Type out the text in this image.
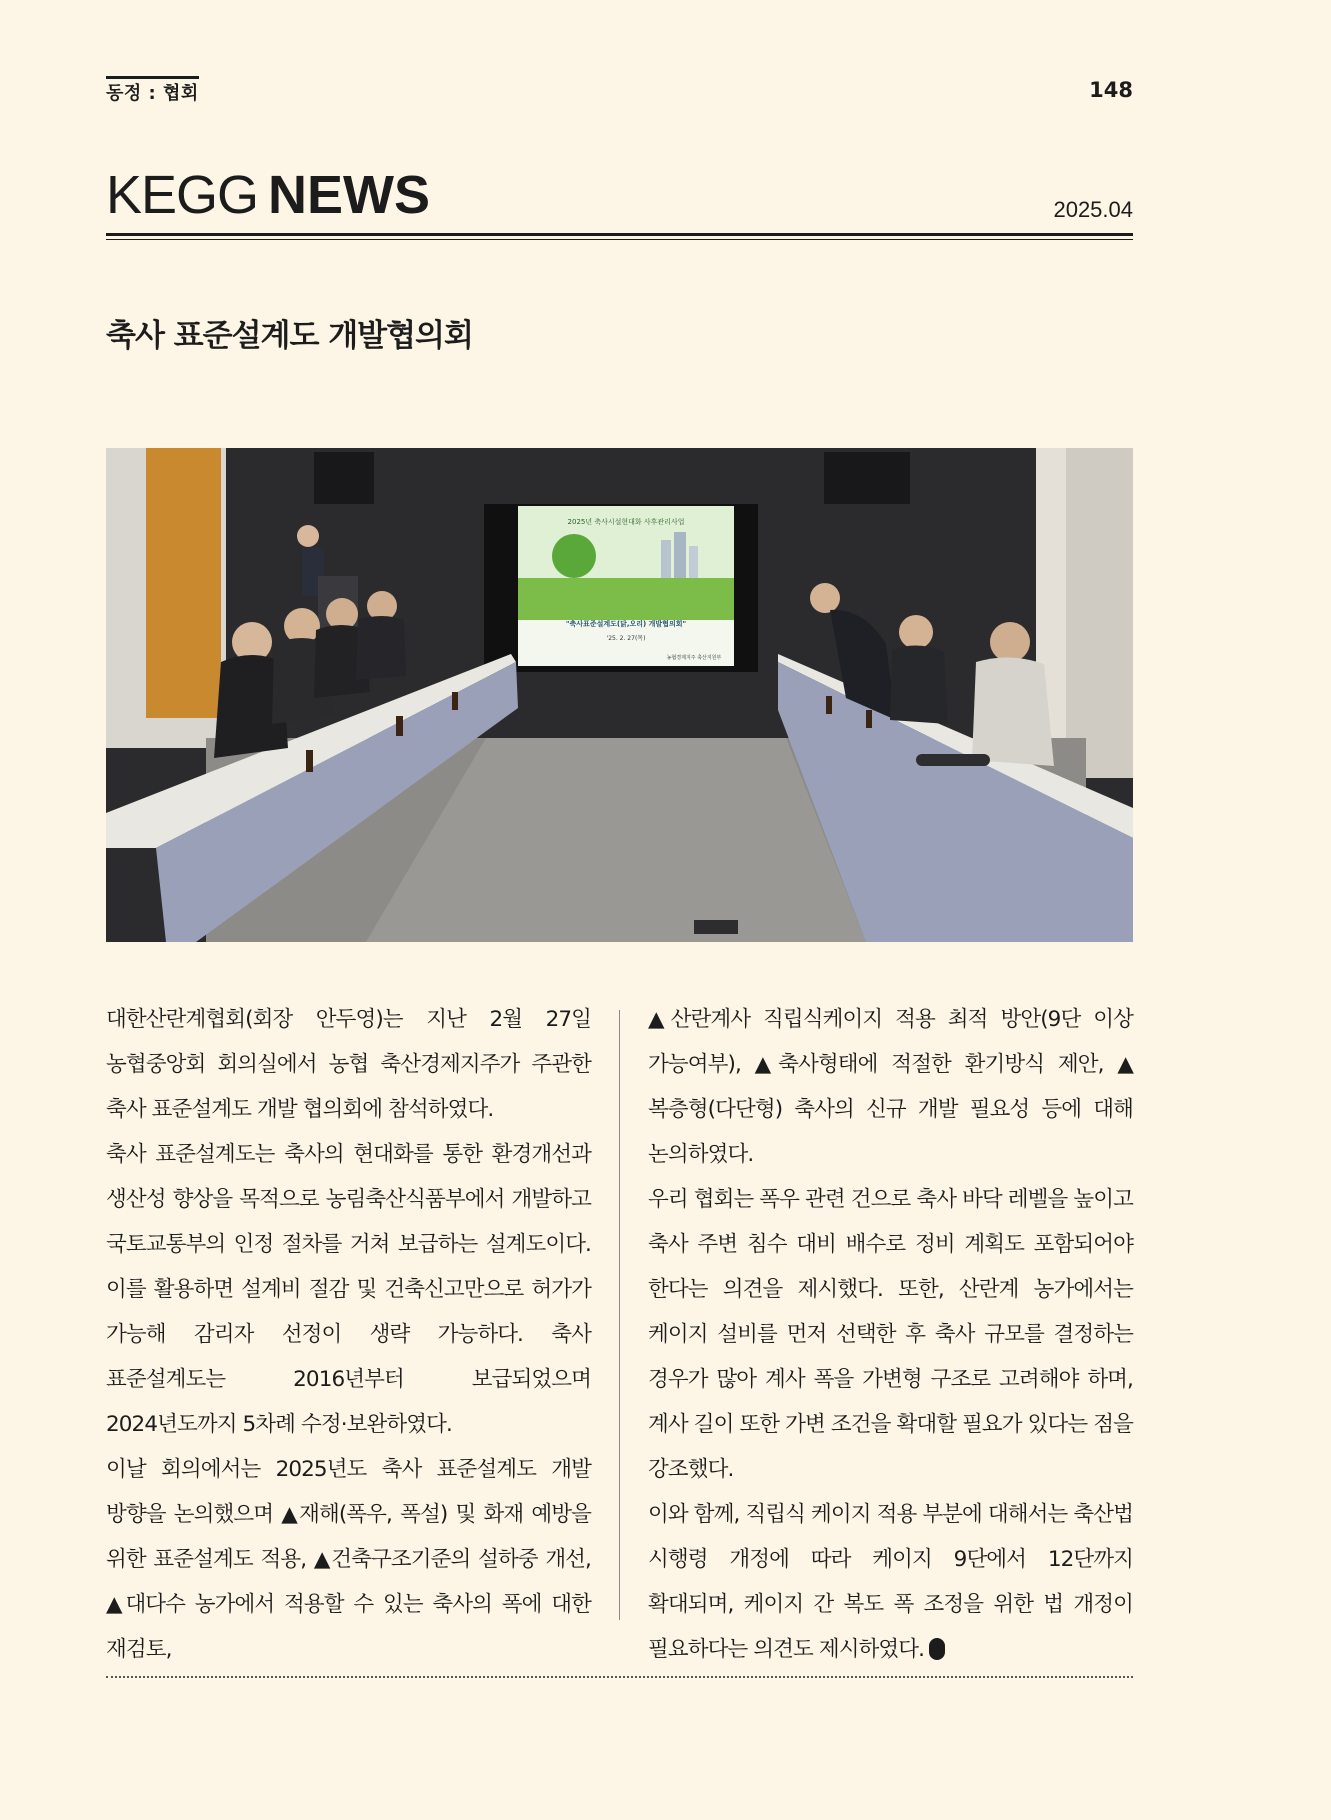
동정 : 협회	148
KEGG NEWS	2025.04
축사 표준설계도 개발협의회
2025년 축사시설현대화 사후관리사업
"축사표준설계도(닭,오리) 개발협의회"
'25. 2. 27(목)
농협경제지주 축산지원부

대한산란계협회(회장 안두영)는 지난 2월 27일 농협중앙회 회의실에서 농협 축산경제지주가 주관한 축사 표준설계도 개발 협의회에 참석하였다.

축사 표준설계도는 축사의 현대화를 통한 환경개선과 생산성 향상을 목적으로 농림축산식품부에서 개발하고 국토교통부의 인정 절차를 거쳐 보급하는 설계도이다. 이를 활용하면 설계비 절감 및 건축신고만으로 허가가 가능해 감리자 선정이 생략 가능하다. 축사 표준설계도는 2016년부터 보급되었으며 2024년도까지 5차례 수정·보완하였다.

이날 회의에서는 2025년도 축사 표준설계도 개발 방향을 논의했으며 ▲재해(폭우, 폭설) 및 화재 예방을 위한 표준설계도 적용, ▲건축구조기준의 설하중 개선, ▲대다수 농가에서 적용할 수 있는 축사의 폭에 대한 재검토,

▲산란계사 직립식케이지 적용 최적 방안(9단 이상 가능여부), ▲축사형태에 적절한 환기방식 제안, ▲복층형(다단형) 축사의 신규 개발 필요성 등에 대해 논의하였다.

우리 협회는 폭우 관련 건으로 축사 바닥 레벨을 높이고 축사 주변 침수 대비 배수로 정비 계획도 포함되어야 한다는 의견을 제시했다. 또한, 산란계 농가에서는 케이지 설비를 먼저 선택한 후 축사 규모를 결정하는 경우가 많아 계사 폭을 가변형 구조로 고려해야 하며, 계사 길이 또한 가변 조건을 확대할 필요가 있다는 점을 강조했다.

이와 함께, 직립식 케이지 적용 부분에 대해서는 축산법 시행령 개정에 따라 케이지 9단에서 12단까지 확대되며, 케이지 간 복도 폭 조정을 위한 법 개정이 필요하다는 의견도 제시하였다.
